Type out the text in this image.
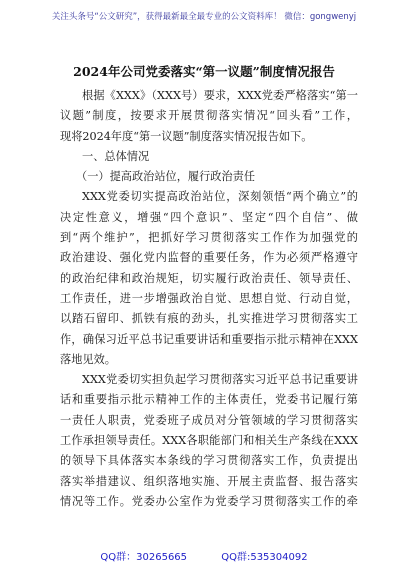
关注头条号“公文研究”，获得最新最全最专业的公文资料库！ 微信：gongwenyj
2024年公司党委落实“第一议题”制度情况报告
根据《XXX》（XXX号）要求，XXX党委严格落实“第一
议题”制度，按要求开展贯彻落实情况“回头看”工作，
现将2024年度“第一议题”制度落实情况报告如下。
一、总体情况
（一）提高政治站位，履行政治责任
XXX党委切实提高政治站位，深刻领悟“两个确立”的
决定性意义，增强“四个意识”、坚定“四个自信”、做
到“两个维护”，把抓好学习贯彻落实工作作为加强党的
政治建设、强化党内监督的重要任务，作为必须严格遵守
的政治纪律和政治规矩，切实履行政治责任、领导责任、
工作责任，进一步增强政治自觉、思想自觉、行动自觉，
以踏石留印、抓铁有痕的劲头，扎实推进学习贯彻落实工
作，确保习近平总书记重要讲话和重要指示批示精神在XXX
落地见效。
XXX党委切实担负起学习贯彻落实习近平总书记重要讲
话和重要指示批示精神工作的主体责任，党委书记履行第
一责任人职责，党委班子成员对分管领域的学习贯彻落实
工作承担领导责任。XXX各职能部门和相关生产条线在XXX
的领导下具体落实本条线的学习贯彻落实工作，负责提出
落实举措建议、组织落地实施、开展主责监督、报告落实
情况等工作。党委办公室作为党委学习贯彻落实工作的牵
QQ群：30265665	QQ群:535304092
